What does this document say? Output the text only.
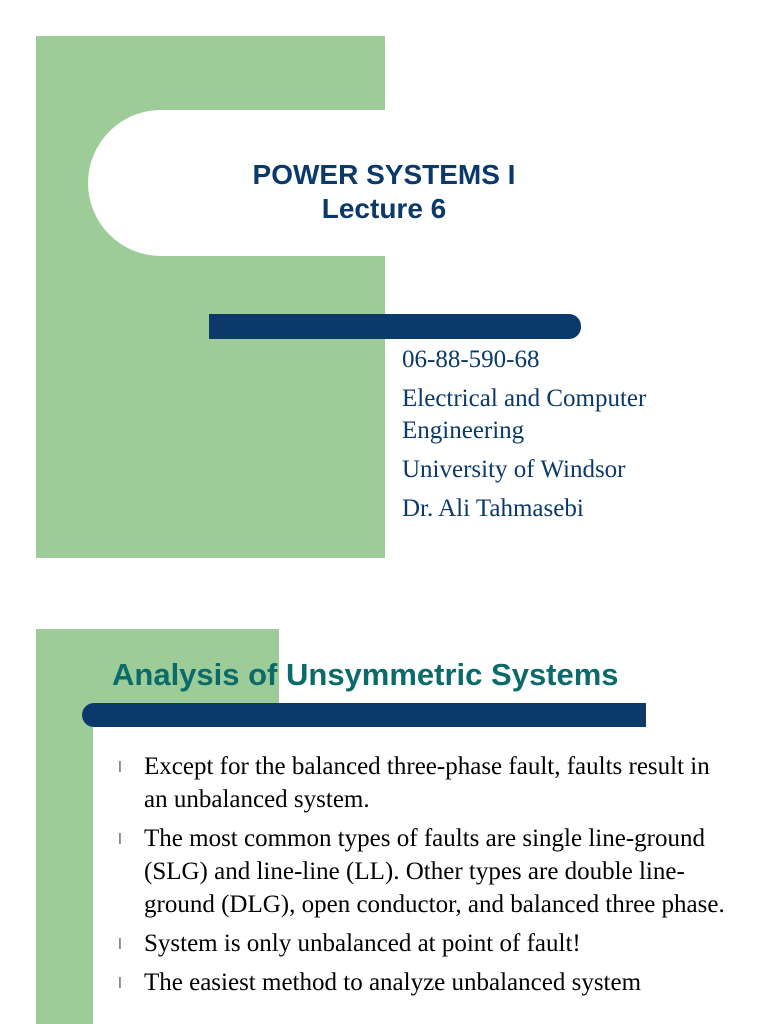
POWER SYSTEMS I
Lecture 6
06-88-590-68
Electrical and Computer Engineering
University of Windsor
Dr. Ali Tahmasebi
Analysis of Unsymmetric Systems
l Except for the balanced three-phase fault, faults result in an unbalanced system.
l The most common types of faults are single line-ground (SLG) and line-line (LL). Other types are double line-ground (DLG), open conductor, and balanced three phase.
l System is only unbalanced at point of fault!
l The easiest method to analyze unbalanced system
